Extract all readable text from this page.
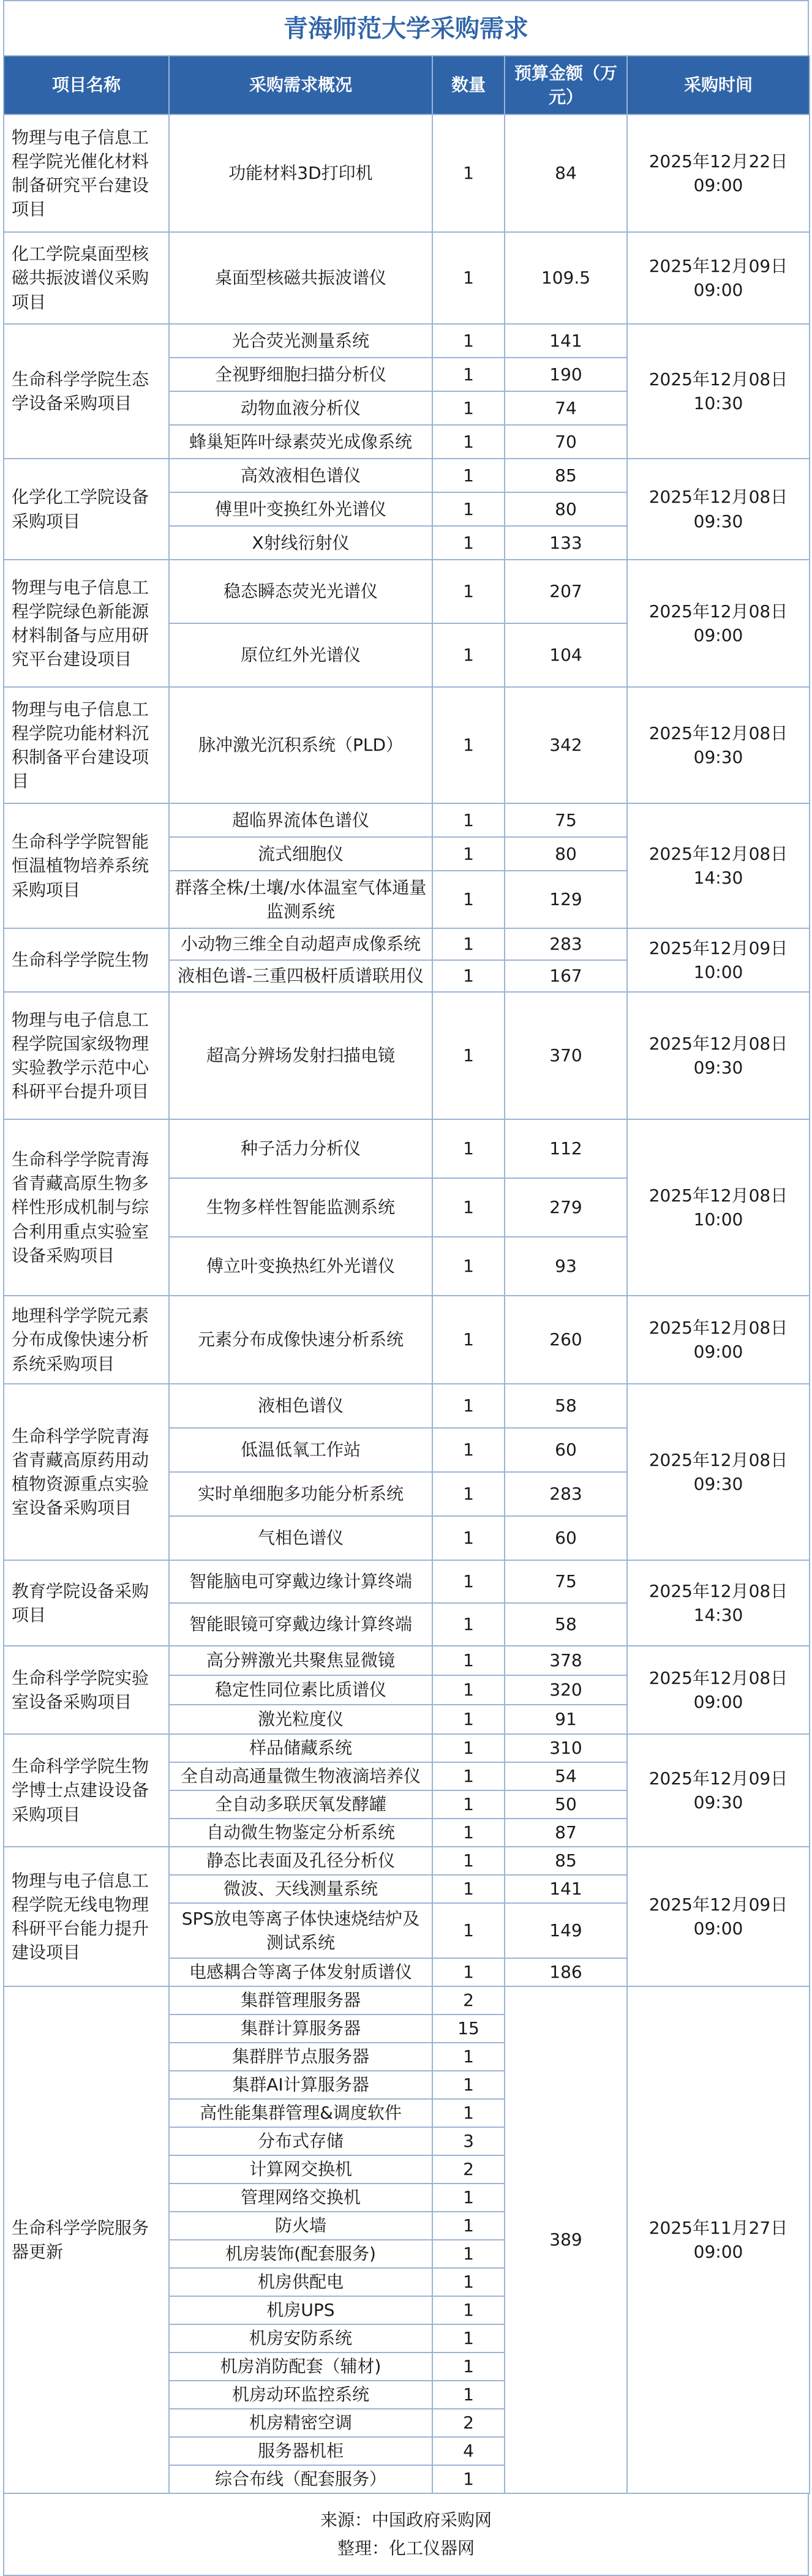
青海师范大学采购需求
项目名称	采购需求概况	数量	预算金额（万元）	采购时间
物理与电子信息工程学院光催化材料制备研究平台建设项目	功能材料3D打印机	1	84	2025年12月22日 09:00
化工学院桌面型核磁共振波谱仪采购项目	桌面型核磁共振波谱仪	1	109.5	2025年12月09日 09:00
生命科学学院生态学设备采购项目	光合荧光测量系统	1	141	2025年12月08日 10:30
	全视野细胞扫描分析仪	1	190	
	动物血液分析仪	1	74	
	蜂巢矩阵叶绿素荧光成像系统	1	70	
化学化工学院设备采购项目	高效液相色谱仪	1	85	2025年12月08日 09:30
	傅里叶变换红外光谱仪	1	80	
	X射线衍射仪	1	133	
物理与电子信息工程学院绿色新能源材料制备与应用研究平台建设项目	稳态瞬态荧光光谱仪	1	207	2025年12月08日 09:00
	原位红外光谱仪	1	104	
物理与电子信息工程学院功能材料沉积制备平台建设项目	脉冲激光沉积系统（PLD）	1	342	2025年12月08日 09:30
生命科学学院智能恒温植物培养系统采购项目	超临界流体色谱仪	1	75	2025年12月08日 14:30
	流式细胞仪	1	80	
	群落全株/土壤/水体温室气体通量监测系统	1	129	
生命科学学院生物	小动物三维全自动超声成像系统	1	283	2025年12月09日 10:00
	液相色谱-三重四极杆质谱联用仪	1	167	
物理与电子信息工程学院国家级物理实验教学示范中心科研平台提升项目	超高分辨场发射扫描电镜	1	370	2025年12月08日 09:30
生命科学学院青海省青藏高原生物多样性形成机制与综合利用重点实验室设备采购项目	种子活力分析仪	1	112	2025年12月08日 10:00
	生物多样性智能监测系统	1	279	
	傅立叶变换热红外光谱仪	1	93	
地理科学学院元素分布成像快速分析系统采购项目	元素分布成像快速分析系统	1	260	2025年12月08日 09:00
生命科学学院青海省青藏高原药用动植物资源重点实验室设备采购项目	液相色谱仪	1	58	2025年12月08日 09:30
	低温低氧工作站	1	60	
	实时单细胞多功能分析系统	1	283	
	气相色谱仪	1	60	
教育学院设备采购项目	智能脑电可穿戴边缘计算终端	1	75	2025年12月08日 14:30
	智能眼镜可穿戴边缘计算终端	1	58	
生命科学学院实验室设备采购项目	高分辨激光共聚焦显微镜	1	378	2025年12月08日 09:00
	稳定性同位素比质谱仪	1	320	
	激光粒度仪	1	91	
生命科学学院生物学博士点建设设备采购项目	样品储藏系统	1	310	2025年12月09日 09:30
	全自动高通量微生物液滴培养仪	1	54	
	全自动多联厌氧发酵罐	1	50	
	自动微生物鉴定分析系统	1	87	
物理与电子信息工程学院无线电物理科研平台能力提升建设项目	静态比表面及孔径分析仪	1	85	2025年12月09日 09:00
	微波、天线测量系统	1	141	
	SPS放电等离子体快速烧结炉及测试系统	1	149	
	电感耦合等离子体发射质谱仪	1	186	
生命科学学院服务器更新	集群管理服务器	2	389	2025年11月27日 09:00
	集群计算服务器	15		
	集群胖节点服务器	1		
	集群AI计算服务器	1		
	高性能集群管理&调度软件	1		
	分布式存储	3		
	计算网交换机	2		
	管理网络交换机	1		
	防火墙	1		
	机房装饰(配套服务)	1		
	机房供配电	1		
	机房UPS	1		
	机房安防系统	1		
	机房消防配套（辅材)	1		
	机房动环监控系统	1		
	机房精密空调	2		
	服务器机柜	4		
	综合布线（配套服务）	1		
来源：中国政府采购网
整理：化工仪器网
